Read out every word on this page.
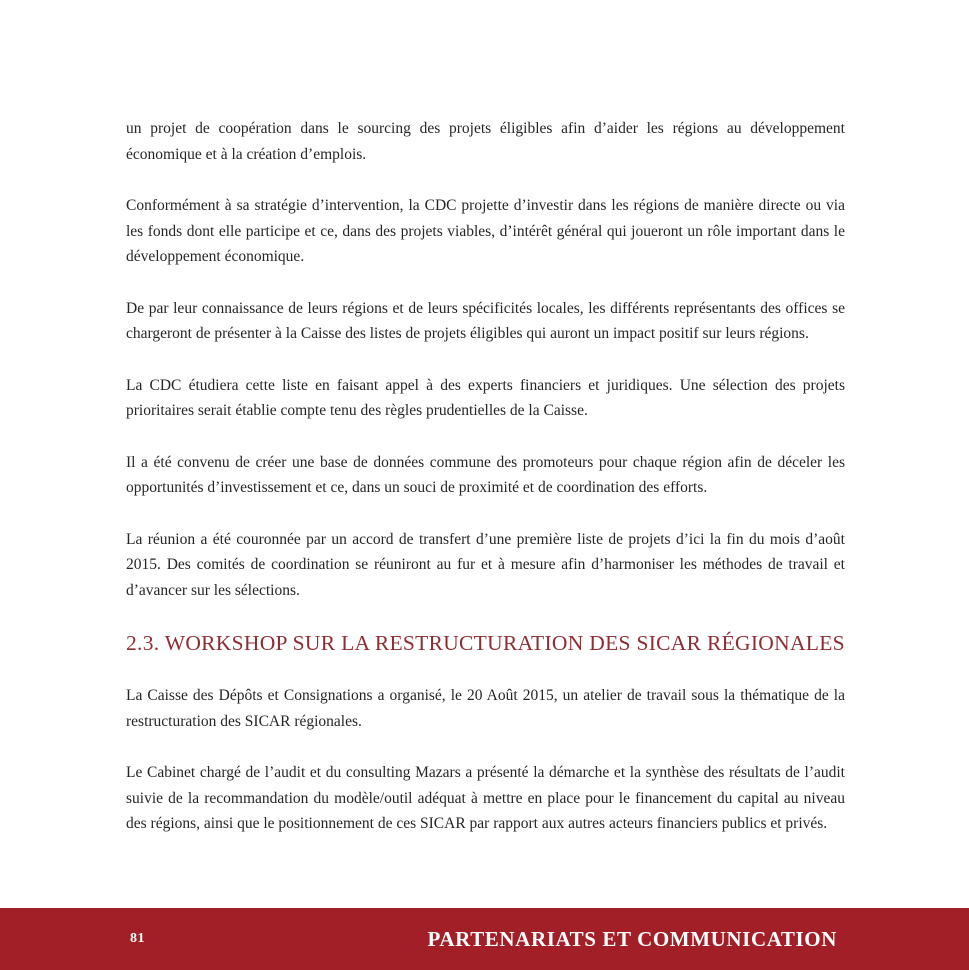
un projet de coopération dans le sourcing des projets éligibles afin d’aider les régions au développement économique et à la création d’emplois.

Conformément à sa stratégie d’intervention, la CDC projette d’investir dans les régions de manière directe ou via les fonds dont elle participe et ce, dans des projets viables, d’intérêt général qui joueront un rôle important dans le développement économique.

De par leur connaissance de leurs régions et de leurs spécificités locales, les différents représentants des offices se chargeront de présenter à la Caisse des listes de projets éligibles qui auront un impact positif sur leurs régions.

La CDC étudiera cette liste en faisant appel à des experts financiers et juridiques. Une sélection des projets prioritaires serait établie compte tenu des règles prudentielles de la Caisse.

Il a été convenu de créer une base de données commune des promoteurs pour chaque région afin de déceler les opportunités d’investissement et ce, dans un souci de proximité et de coordination des efforts.

La réunion a été couronnée par un accord de transfert d’une première liste de projets d’ici la fin du mois d’août 2015. Des comités de coordination se réuniront au fur et à mesure afin d’harmoniser les méthodes de travail et d’avancer sur les sélections.

2.3. WORKSHOP SUR LA RESTRUCTURATION DES SICAR RÉGIONALES

La Caisse des Dépôts et Consignations a organisé, le 20 Août 2015, un atelier de travail sous la thématique de la restructuration des SICAR régionales.

Le Cabinet chargé de l’audit et du consulting Mazars a présenté la démarche et la synthèse des résultats de l’audit suivie de la recommandation du modèle/outil adéquat à mettre en place pour le financement du capital au niveau des régions, ainsi que le positionnement de ces SICAR par rapport aux autres acteurs financiers publics et privés.

81	PARTENARIATS ET COMMUNICATION
